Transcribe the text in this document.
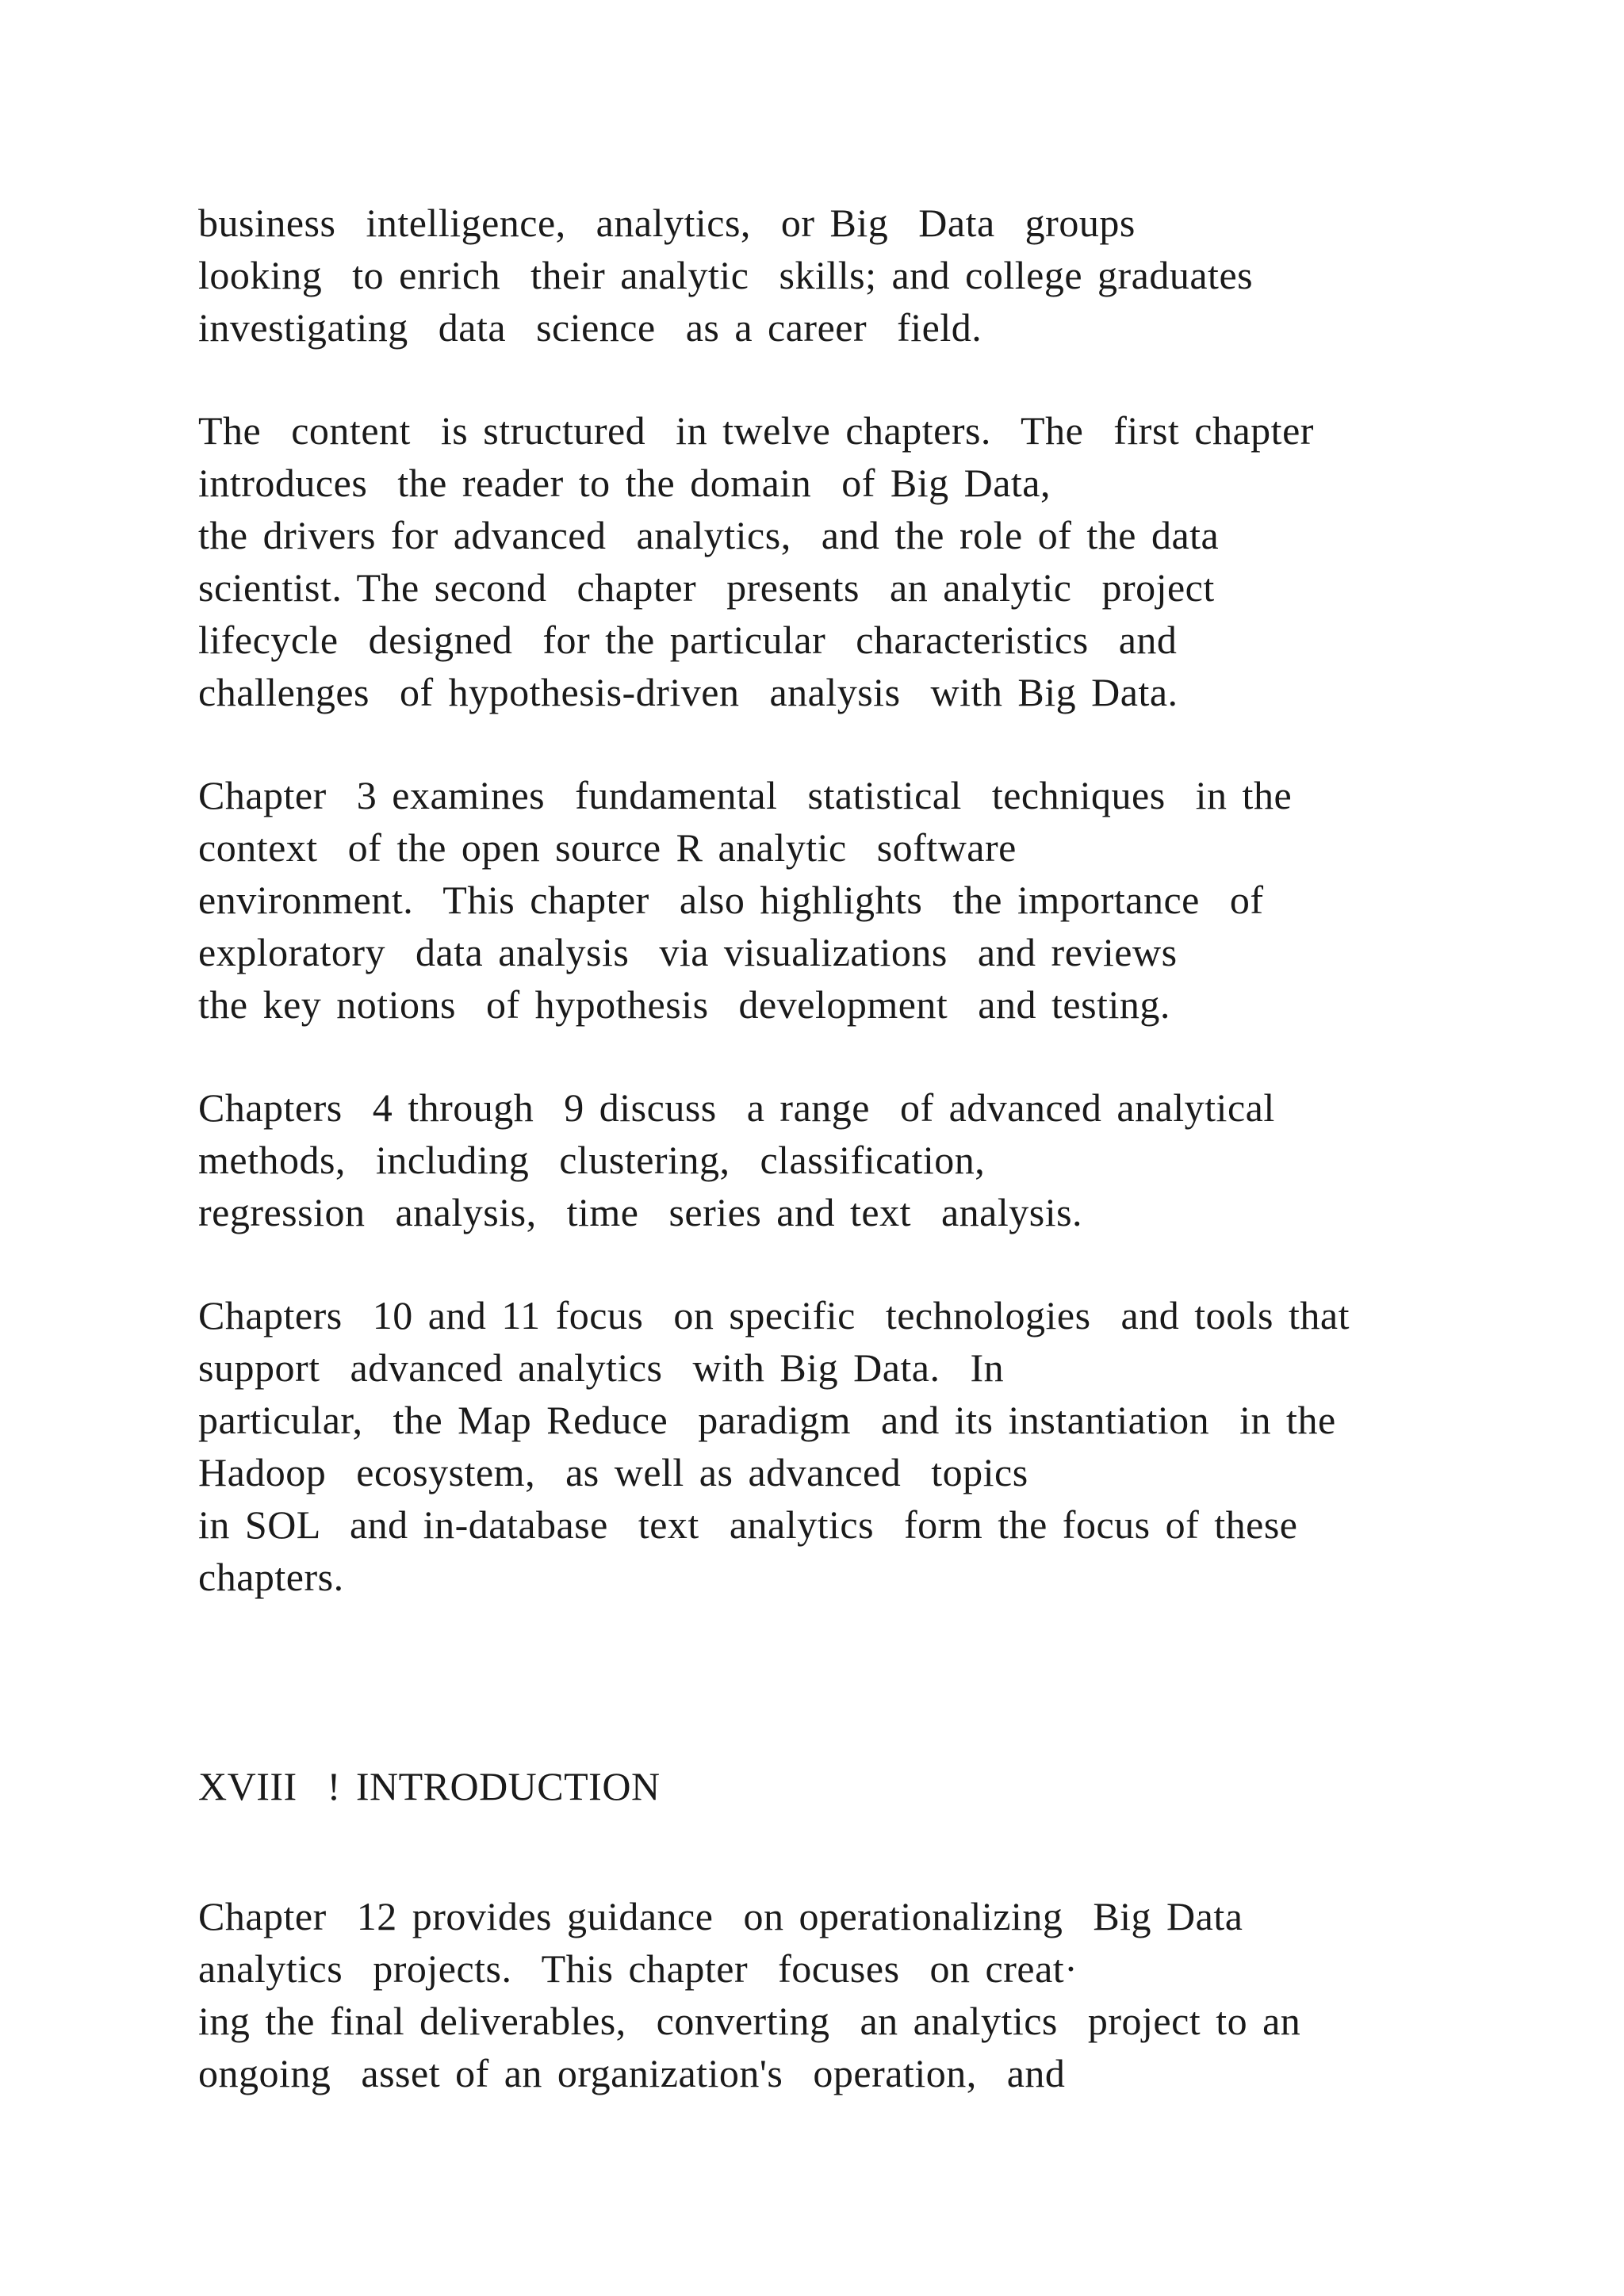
business  intelligence,  analytics,  or Big  Data  groups
looking  to enrich  their analytic  skills; and college graduates
investigating  data  science  as a career  field.

The  content  is structured  in twelve chapters.  The  first chapter
introduces  the reader to the domain  of Big Data,
the drivers for advanced  analytics,  and the role of the data
scientist. The second  chapter  presents  an analytic  project
lifecycle  designed  for the particular  characteristics  and
challenges  of hypothesis-driven  analysis  with Big Data.

Chapter  3 examines  fundamental  statistical  techniques  in the
context  of the open source R analytic  software
environment.  This chapter  also highlights  the importance  of
exploratory  data analysis  via visualizations  and reviews
the key notions  of hypothesis  development  and testing.

Chapters  4 through  9 discuss  a range  of advanced analytical
methods,  including  clustering,  classification,
regression  analysis,  time  series and text  analysis.

Chapters  10 and 11 focus  on specific  technologies  and tools that
support  advanced analytics  with Big Data.  In
particular,  the Map Reduce  paradigm  and its instantiation  in the
Hadoop  ecosystem,  as well as advanced  topics
in SOL  and in-database  text  analytics  form the focus of these
chapters.

XVIII  ! INTRODUCTION

Chapter  12 provides guidance  on operationalizing  Big Data
analytics  projects.  This chapter  focuses  on creat·
ing the final deliverables,  converting  an analytics  project to an
ongoing  asset of an organization's  operation,  and
